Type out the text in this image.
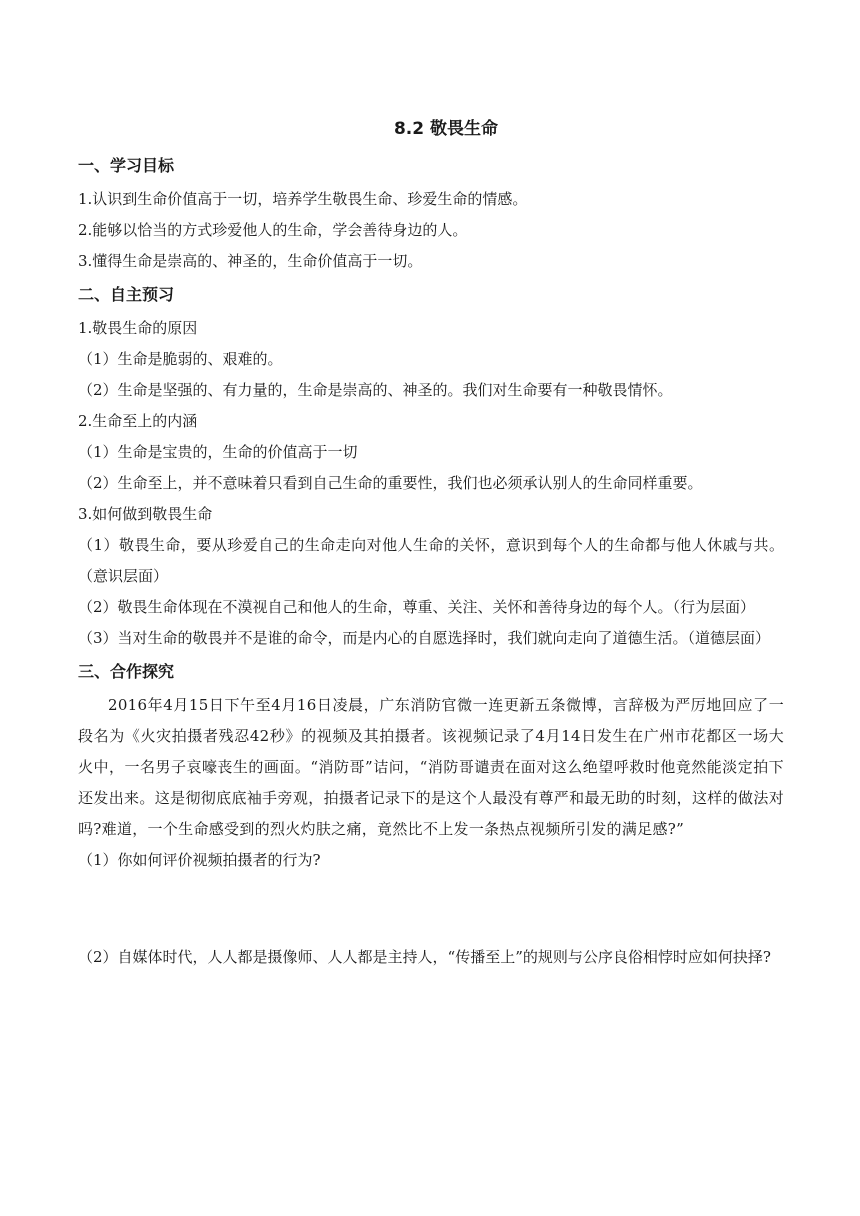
8.2 敬畏生命
一、学习目标
1.认识到生命价值高于一切，培养学生敬畏生命、珍爱生命的情感。
2.能够以恰当的方式珍爱他人的生命，学会善待身边的人。
3.懂得生命是崇高的、神圣的，生命价值高于一切。
二、自主预习
1.敬畏生命的原因
（1）生命是脆弱的、艰难的。
（2）生命是坚强的、有力量的，生命是崇高的、神圣的。我们对生命要有一种敬畏情怀。
2.生命至上的内涵
（1）生命是宝贵的，生命的价值高于一切
（2）生命至上，并不意味着只看到自己生命的重要性，我们也必须承认别人的生命同样重要。
3.如何做到敬畏生命
（1）敬畏生命，要从珍爱自己的生命走向对他人生命的关怀，意识到每个人的生命都与他人休戚与共。（意识层面）
（2）敬畏生命体现在不漠视自己和他人的生命，尊重、关注、关怀和善待身边的每个人。（行为层面）
（3）当对生命的敬畏并不是谁的命令，而是内心的自愿选择时，我们就向走向了道德生活。（道德层面）
三、合作探究
2016年4月15日下午至4月16日凌晨，广东消防官微一连更新五条微博，言辞极为严厉地回应了一段名为《火灾拍摄者残忍42秒》的视频及其拍摄者。该视频记录了4月14日发生在广州市花都区一场大火中，一名男子哀嚎丧生的画面。“消防哥”诘问，“消防哥谴责在面对这么绝望呼救时他竟然能淡定拍下还发出来。这是彻彻底底袖手旁观，拍摄者记录下的是这个人最没有尊严和最无助的时刻，这样的做法对吗?难道，一个生命感受到的烈火灼肤之痛，竟然比不上发一条热点视频所引发的满足感?”
（1）你如何评价视频拍摄者的行为?
（2）自媒体时代，人人都是摄像师、人人都是主持人，“传播至上”的规则与公序良俗相悖时应如何抉择?
